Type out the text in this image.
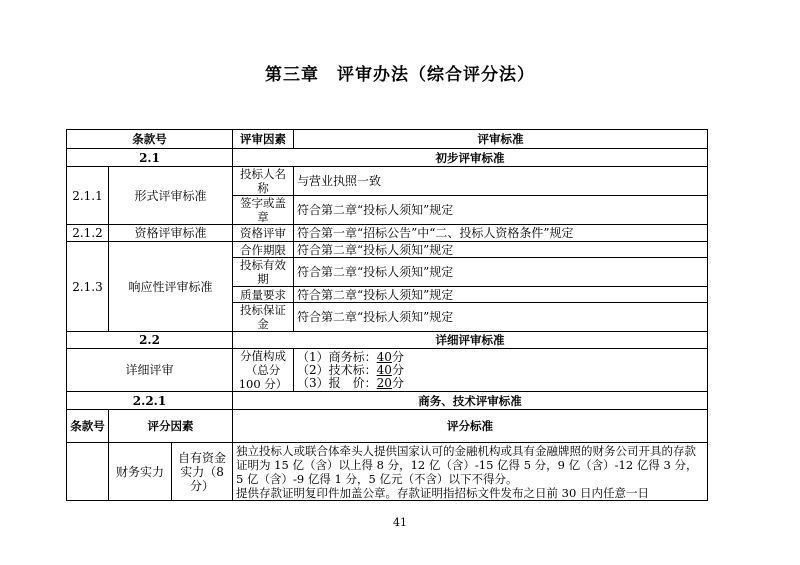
第三章　评审办法（综合评分法）
条款号			评审因素	评审标准
2.1			初步评审标准	
2.1.1	形式评审标准		投标人名称	与营业执照一致
			签字或盖章	符合第二章“投标人须知”规定
2.1.2	资格评审标准		资格评审	符合第一章“招标公告”中“二、投标人资格条件”规定
2.1.3	响应性评审标准		合作期限	符合第二章“投标人须知”规定
			投标有效期	符合第二章“投标人须知”规定
			质量要求	符合第二章“投标人须知”规定
			投标保证金	符合第二章“投标人须知”规定
2.2			详细评审标准	
详细评审			分值构成（总分 100 分）	（1）商务标：40分
（2）技术标：40分
（3）报　价：20分

2.2.1			商务、技术评审标准	
条款号	评分因素		评分标准	
	财务实力	自有资金实力（8分）	独立投标人或联合体牵头人提供国家认可的金融机构或具有金融牌照的财务公司开具的存款证明为 15 亿（含）以上得 8 分，12 亿（含）-15 亿得 5 分，9 亿（含）-12 亿得 3 分，5 亿（含）-9 亿得 1 分，5 亿元（不含）以下不得分。
提供存款证明复印件加盖公章。存款证明指招标文件发布之日前 30 日内任意一日	
41
